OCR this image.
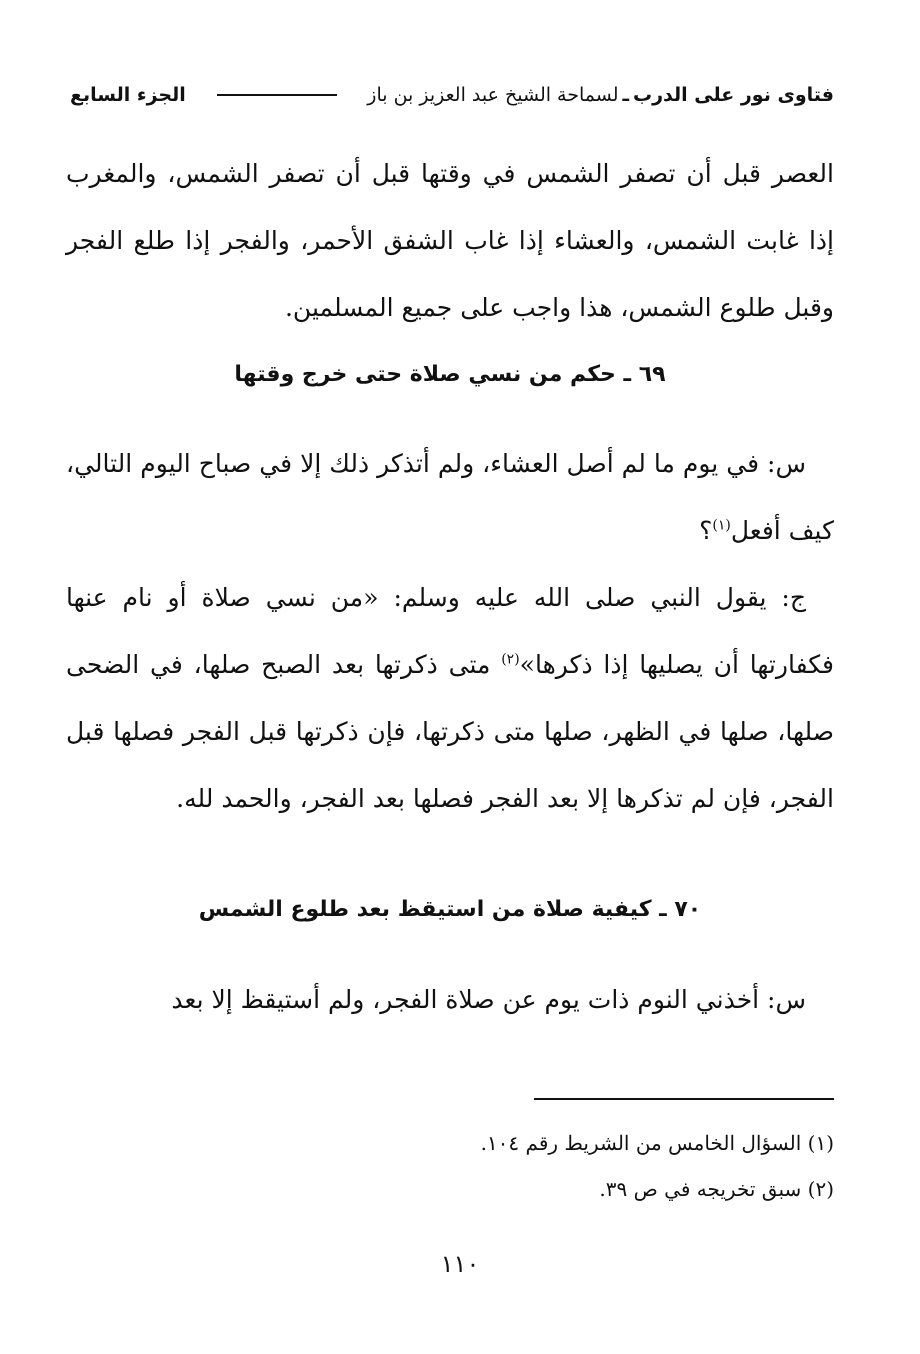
فتاوى نور على الدرب
ـ
لسماحة الشيخ عبد العزيز بن باز
الجزء السابع
العصر قبل أن تصفر الشمس في وقتها قبل أن تصفر الشمس، والمغرب إذا غابت الشمس، والعشاء إذا غاب الشفق الأحمر، والفجر إذا طلع الفجر وقبل طلوع الشمس، هذا واجب على جميع المسلمين.
٦٩ ـ حكم من نسي صلاة حتى خرج وقتها
س: في يوم ما لم أصل العشاء، ولم أتذكر ذلك إلا في صباح اليوم التالي، كيف أفعل$^{(١)}$؟
ج: يقول النبي صلى الله عليه وسلم: «من نسي صلاة أو نام عنها فكفارتها أن يصليها إذا ذكرها»$^{(٢)}$ متى ذكرتها بعد الصبح صلها، في الضحى صلها، صلها في الظهر، صلها متى ذكرتها، فإن ذكرتها قبل الفجر فصلها قبل الفجر، فإن لم تذكرها إلا بعد الفجر فصلها بعد الفجر، والحمد لله.
٧٠ ـ كيفية صلاة من استيقظ بعد طلوع الشمس
س: أخذني النوم ذات يوم عن صلاة الفجر، ولم أستيقظ إلا بعد
(١) السؤال الخامس من الشريط رقم ١٠٤.
(٢) سبق تخريجه في ص ٣٩.
١١٠
